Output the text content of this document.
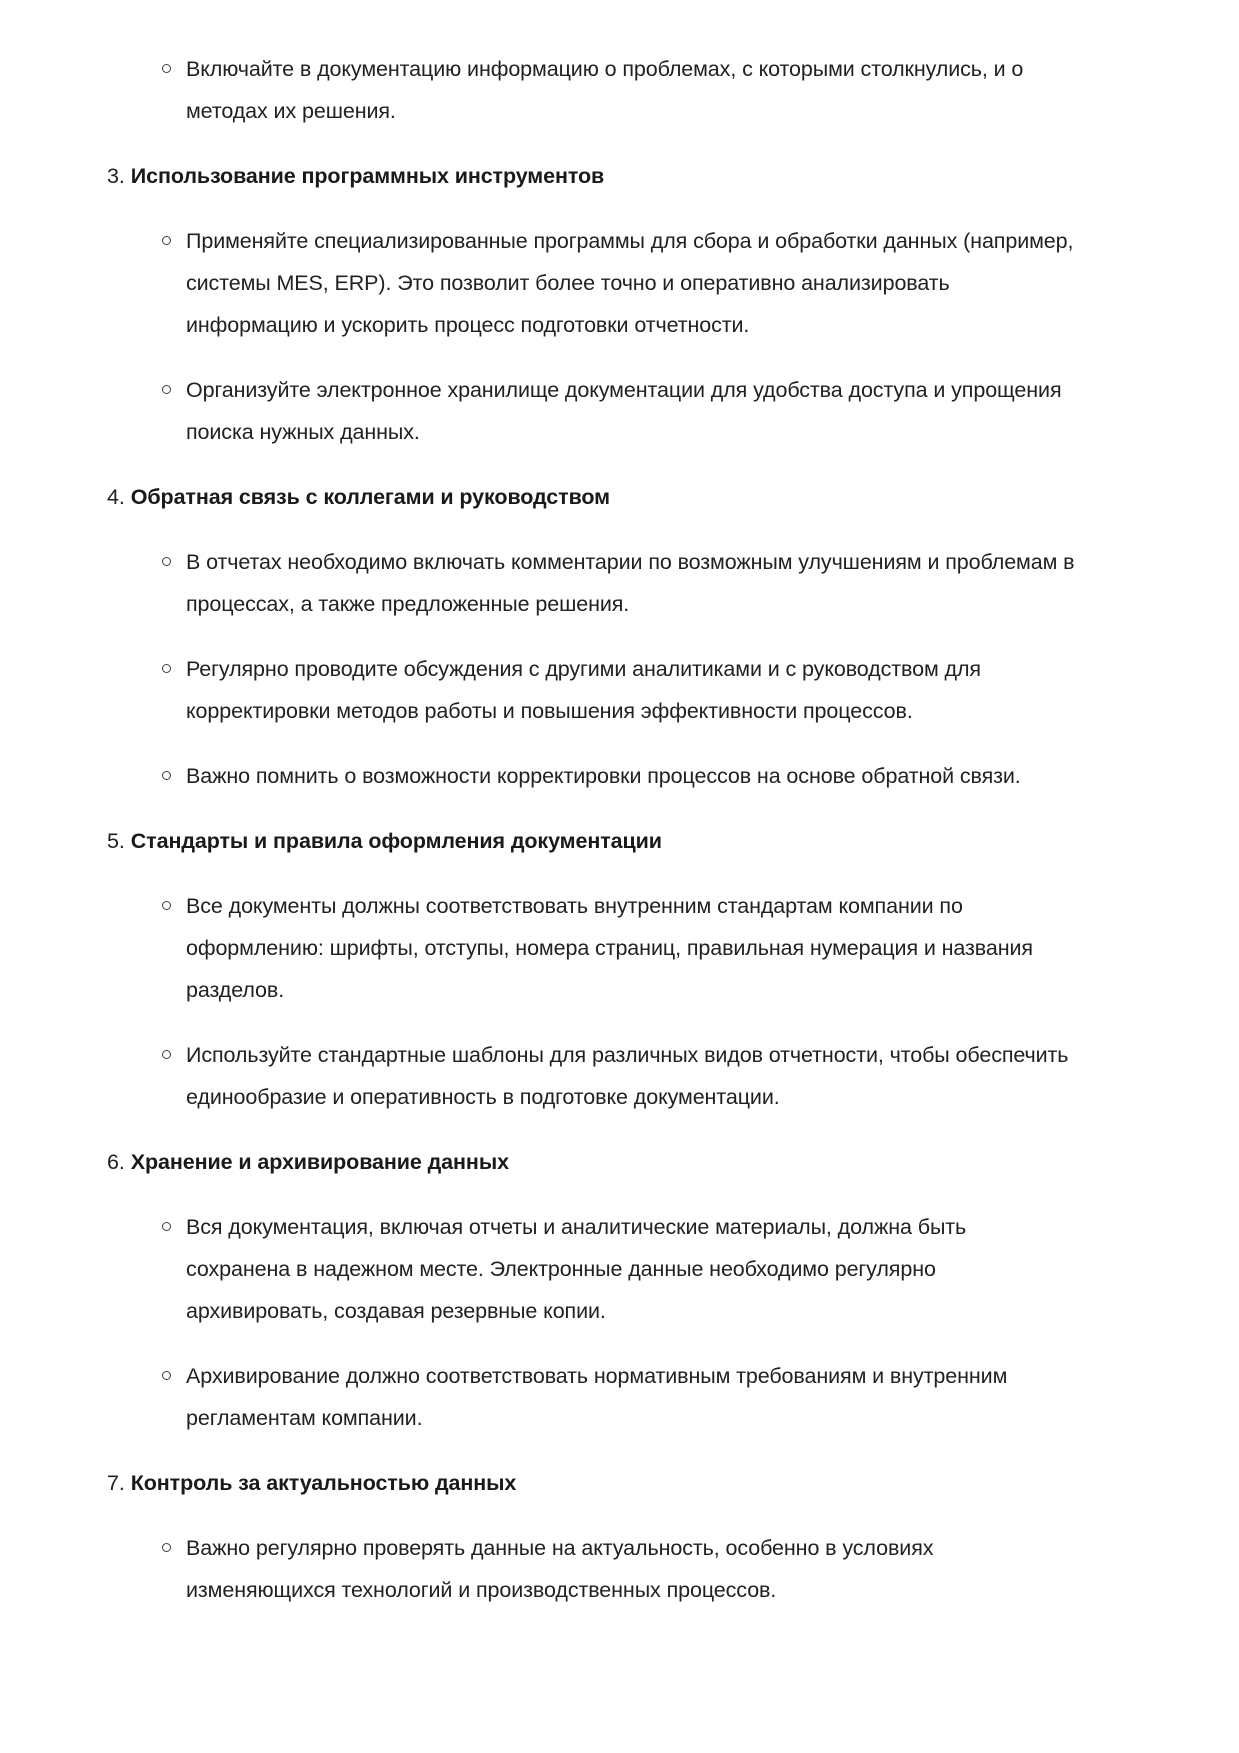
Включайте в документацию информацию о проблемах, с которыми столкнулись, и о методах их решения.
3. Использование программных инструментов
Применяйте специализированные программы для сбора и обработки данных (например, системы MES, ERP). Это позволит более точно и оперативно анализировать информацию и ускорить процесс подготовки отчетности.
Организуйте электронное хранилище документации для удобства доступа и упрощения поиска нужных данных.
4. Обратная связь с коллегами и руководством
В отчетах необходимо включать комментарии по возможным улучшениям и проблемам в процессах, а также предложенные решения.
Регулярно проводите обсуждения с другими аналитиками и с руководством для корректировки методов работы и повышения эффективности процессов.
Важно помнить о возможности корректировки процессов на основе обратной связи.
5. Стандарты и правила оформления документации
Все документы должны соответствовать внутренним стандартам компании по оформлению: шрифты, отступы, номера страниц, правильная нумерация и названия разделов.
Используйте стандартные шаблоны для различных видов отчетности, чтобы обеспечить единообразие и оперативность в подготовке документации.
6. Хранение и архивирование данных
Вся документация, включая отчеты и аналитические материалы, должна быть сохранена в надежном месте. Электронные данные необходимо регулярно архивировать, создавая резервные копии.
Архивирование должно соответствовать нормативным требованиям и внутренним регламентам компании.
7. Контроль за актуальностью данных
Важно регулярно проверять данные на актуальность, особенно в условиях изменяющихся технологий и производственных процессов.
